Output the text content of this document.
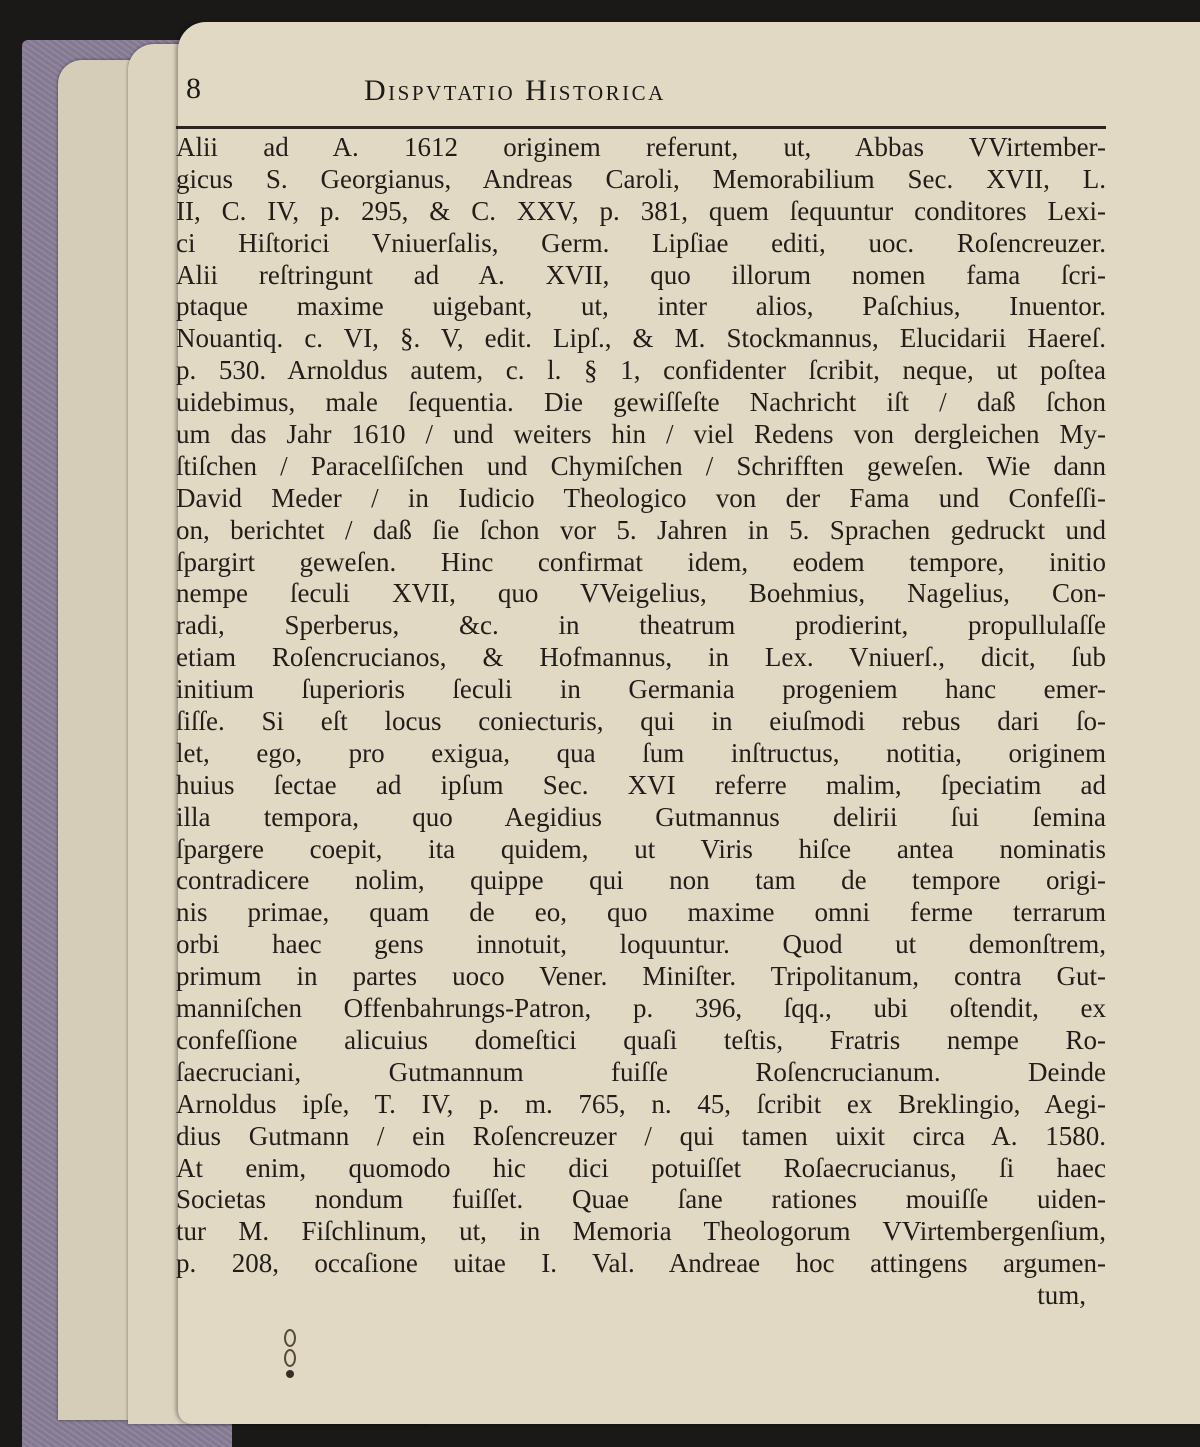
8	Dispvtatio Historica
Alii ad A. 1612 originem referunt, ut, Abbas VVirtember-
gicus S. Georgianus, Andreas Caroli, Memorabilium Sec. XVII, L.
II, C. IV, p. 295, & C. XXV, p. 381, quem ſequuntur conditores Lexi-
ci Hiſtorici Vniuerſalis, Germ. Lipſiae editi, uoc. Roſencreuzer.
Alii reſtringunt ad A. XVII, quo illorum nomen fama ſcri-
ptaque maxime uigebant, ut, inter alios, Paſchius, Inuentor.
Nouantiq. c. VI, §. V, edit. Lipſ., & M. Stockmannus, Elucidarii Haereſ.
p. 530. Arnoldus autem, c. l. § 1, confidenter ſcribit, neque, ut poſtea
uidebimus, male ſequentia. Die gewiſſeſte Nachricht iſt / daß ſchon
um das Jahr 1610 / und weiters hin / viel Redens von dergleichen My-
ſtiſchen / Paracelſiſchen und Chymiſchen / Schrifften geweſen. Wie dann
David Meder / in Iudicio Theologico von der Fama und Confeſſi-
on, berichtet / daß ſie ſchon vor 5. Jahren in 5. Sprachen gedruckt und
ſpargirt geweſen. Hinc confirmat idem, eodem tempore, initio
nempe ſeculi XVII, quo VVeigelius, Boehmius, Nagelius, Con-
radi, Sperberus, &c. in theatrum prodierint, propullulaſſe
etiam Roſencrucianos, & Hofmannus, in Lex. Vniuerſ., dicit, ſub
initium ſuperioris ſeculi in Germania progeniem hanc emer-
ſiſſe. Si eſt locus coniecturis, qui in eiuſmodi rebus dari ſo-
let, ego, pro exigua, qua ſum inſtructus, notitia, originem
huius ſectae ad ipſum Sec. XVI referre malim, ſpeciatim ad
illa tempora, quo Aegidius Gutmannus delirii ſui ſemina
ſpargere coepit, ita quidem, ut Viris hiſce antea nominatis
contradicere nolim, quippe qui non tam de tempore origi-
nis primae, quam de eo, quo maxime omni ferme terrarum
orbi haec gens innotuit, loquuntur. Quod ut demonſtrem,
primum in partes uoco Vener. Miniſter. Tripolitanum, contra Gut-
manniſchen Offenbahrungs-Patron, p. 396, ſqq., ubi oſtendit, ex
confeſſione alicuius domeſtici quaſi teſtis, Fratris nempe Ro-
ſaecruciani, Gutmannum fuiſſe Roſencrucianum. Deinde
Arnoldus ipſe, T. IV, p. m. 765, n. 45, ſcribit ex Breklingio, Aegi-
dius Gutmann / ein Roſencreuzer / qui tamen uixit circa A. 1580.
At enim, quomodo hic dici potuiſſet Roſaecrucianus, ſi haec
Societas nondum fuiſſet. Quae ſane rationes mouiſſe uiden-
tur M. Fiſchlinum, ut, in Memoria Theologorum VVirtembergenſium,
p. 208, occaſione uitae I. Val. Andreae hoc attingens argumen-
tum,
